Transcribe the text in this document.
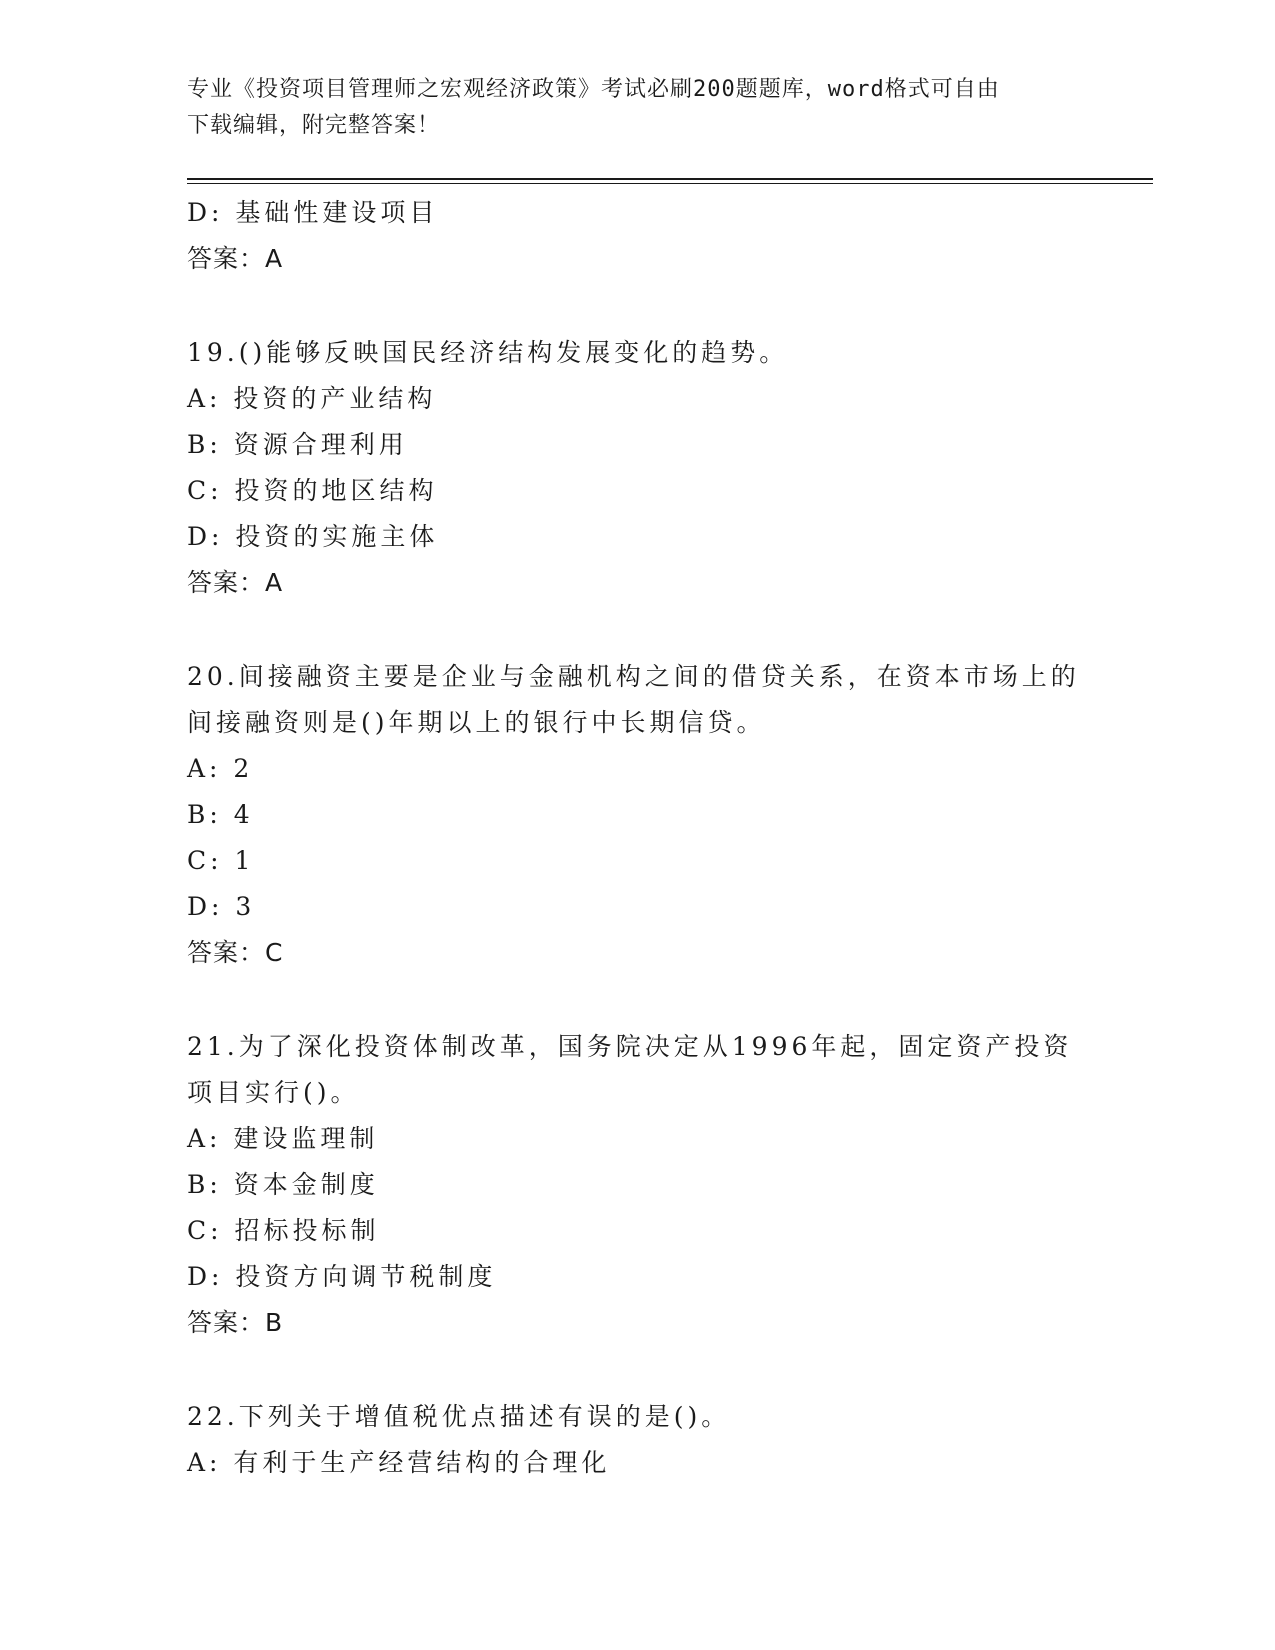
专业《投资项目管理师之宏观经济政策》考试必刷200题题库，word格式可自由
下载编辑，附完整答案！
D: 基础性建设项目
答案：A
19.()能够反映国民经济结构发展变化的趋势。
A: 投资的产业结构
B: 资源合理利用
C: 投资的地区结构
D: 投资的实施主体
答案：A
20.间接融资主要是企业与金融机构之间的借贷关系，在资本市场上的
间接融资则是()年期以上的银行中长期信贷。
A: 2
B: 4
C: 1
D: 3
答案：C
21.为了深化投资体制改革，国务院决定从1996年起，固定资产投资
项目实行()。
A: 建设监理制
B: 资本金制度
C: 招标投标制
D: 投资方向调节税制度
答案：B
22.下列关于增值税优点描述有误的是()。
A: 有利于生产经营结构的合理化
